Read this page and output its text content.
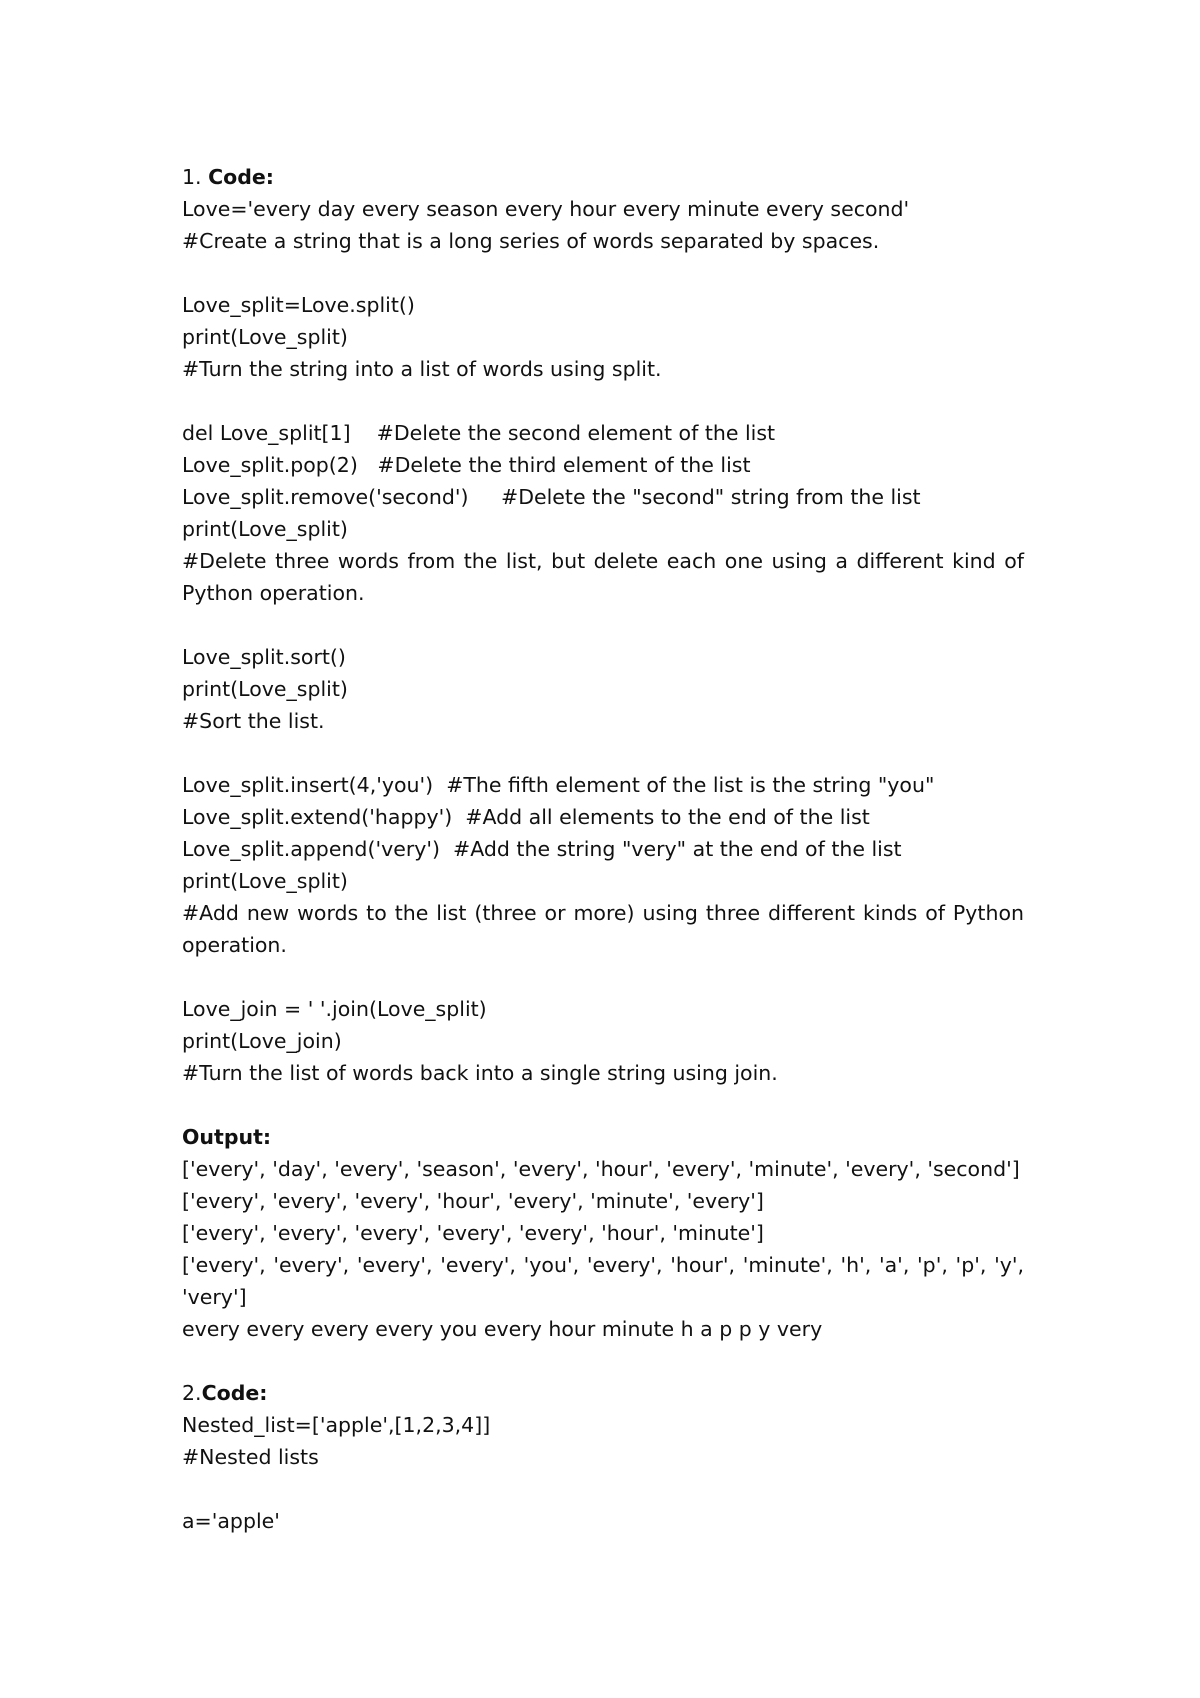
1. Code:
Love='every day every season every hour every minute every second'
#Create a string that is a long series of words separated by spaces.
Love_split=Love.split()
print(Love_split)
#Turn the string into a list of words using split.
del Love_split[1]    #Delete the second element of the list
Love_split.pop(2)   #Delete the third element of the list
Love_split.remove('second')     #Delete the "second" string from the list
print(Love_split)
#Delete three words from the list, but delete each one using a different kind of Python operation.
Love_split.sort()
print(Love_split)
#Sort the list.
Love_split.insert(4,'you')  #The fifth element of the list is the string "you"
Love_split.extend('happy')  #Add all elements to the end of the list
Love_split.append('very')  #Add the string "very" at the end of the list
print(Love_split)
#Add new words to the list (three or more) using three different kinds of Python operation.
Love_join = ' '.join(Love_split)
print(Love_join)
#Turn the list of words back into a single string using join.
Output:
['every', 'day', 'every', 'season', 'every', 'hour', 'every', 'minute', 'every', 'second']
['every', 'every', 'every', 'hour', 'every', 'minute', 'every']
['every', 'every', 'every', 'every', 'every', 'hour', 'minute']
['every', 'every', 'every', 'every', 'you', 'every', 'hour', 'minute', 'h', 'a', 'p', 'p', 'y', 'very']
every every every every you every hour minute h a p p y very
2.Code:
Nested_list=['apple',[1,2,3,4]]
#Nested lists
a='apple'
